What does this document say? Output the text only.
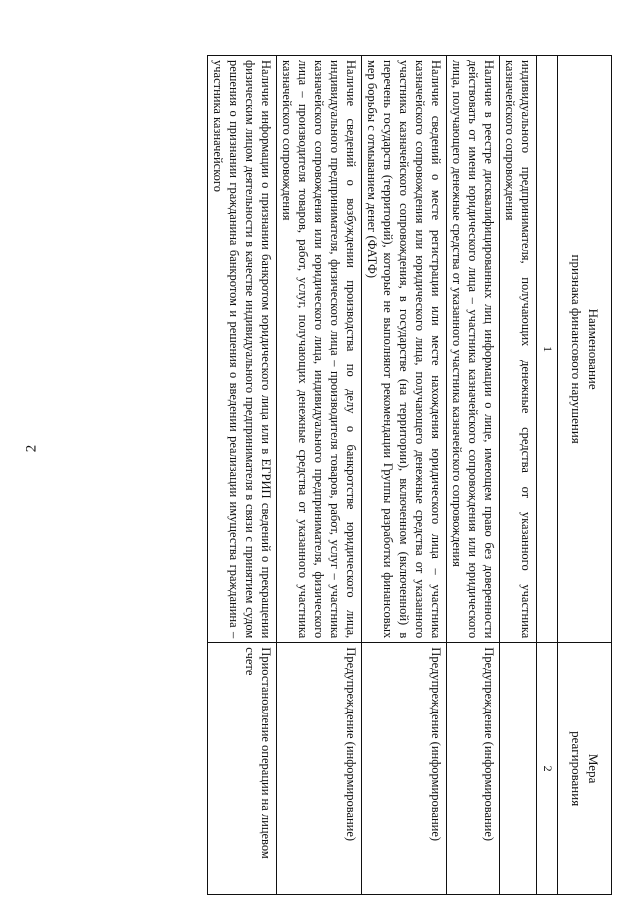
2
Наименование
признака финансового нарушения	Мера
реагирования

1	2
индивидуального предпринимателя, получающих денежные средства от указанного участника казначейского сопровождения	
Наличие в реестре дисквалифицированных лиц информации о лице, имеющем право без доверенности действовать от имени юридического лица – участника казначейского сопровождения или юридического лица, получающего денежные средства от указанного участника казначейского сопровождения	Предупреждение (информирование)
Наличие сведений о месте регистрации или месте нахождения юридического лица – участника казначейского сопровождения или юридического лица, получающего денежные средства от указанного участника казначейского сопровождения, в государстве (на территории), включенном (включенной) в перечень государств (территорий), которые не выполняют рекомендации Группы разработки финансовых мер борьбы с отмыванием денег (ФАТФ)	Предупреждение (информирование)
Наличие сведений о возбуждении производства по делу о банкротстве юридического лица, индивидуального предпринимателя, физического лица – производителя товаров, работ, услуг – участника казначейского сопровождения или юридического лица, индивидуального предпринимателя, физического лица – производителя товаров, работ, услуг, получающих денежные средства от указанного участника казначейского сопровождения	Предупреждение (информирование)
Наличие информации о признании банкротом юридического лица или в ЕГРИП сведений о прекращении физическим лицом деятельности в качестве индивидуального предпринимателя в связи с принятием судом решения о признании гражданина банкротом и решения о введении реализации имущества гражданина – участника казначейского	Приостановление операции на лицевом счете
